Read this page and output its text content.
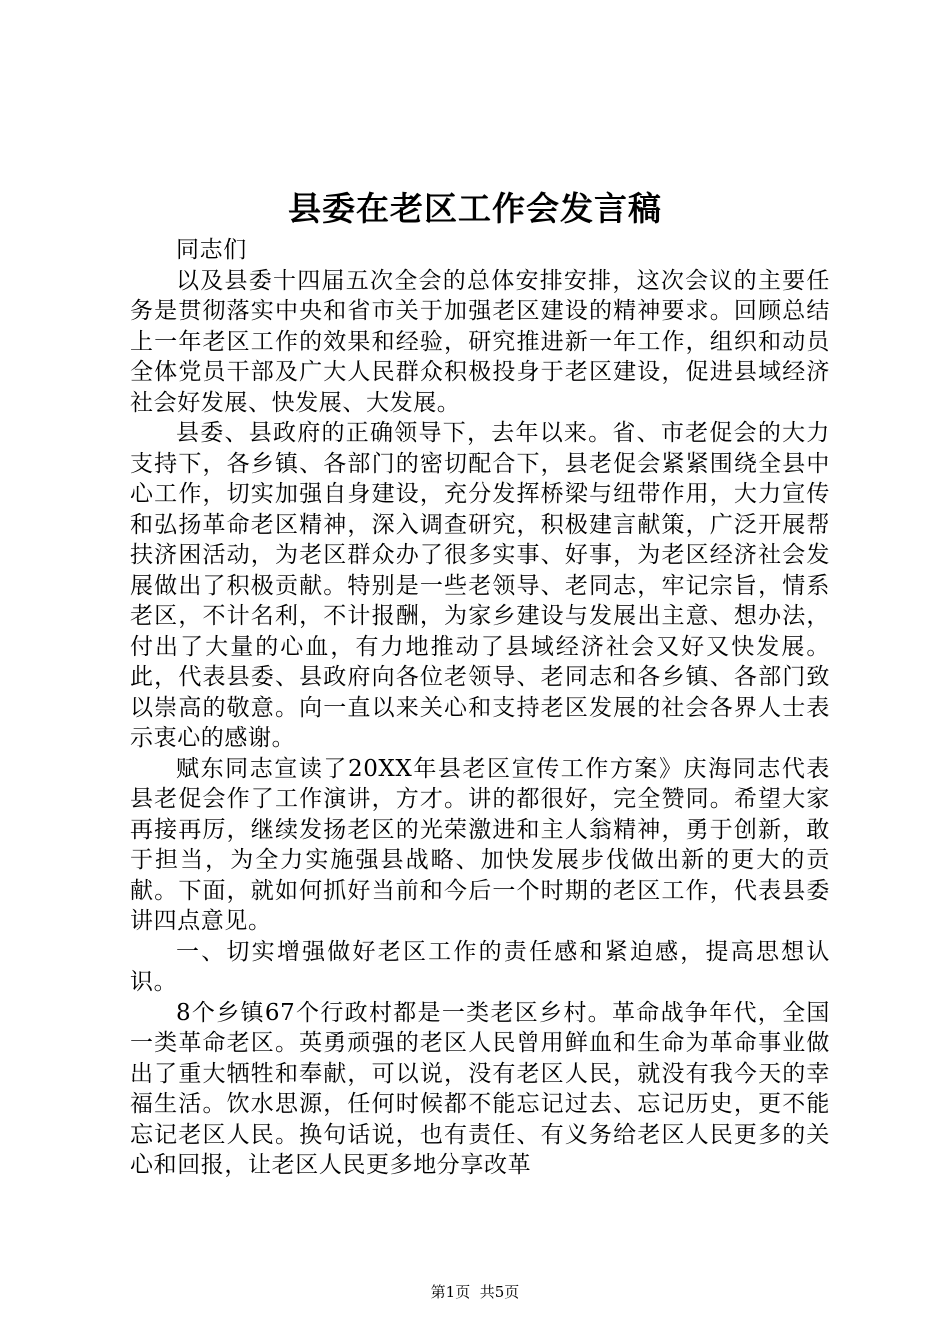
县委在老区工作会发言稿

同志们

以及县委十四届五次全会的总体安排安排，这次会议的主要任务是贯彻落实中央和省市关于加强老区建设的精神要求。回顾总结上一年老区工作的效果和经验，研究推进新一年工作，组织和动员全体党员干部及广大人民群众积极投身于老区建设，促进县域经济社会好发展、快发展、大发展。

县委、县政府的正确领导下，去年以来。省、市老促会的大力支持下，各乡镇、各部门的密切配合下，县老促会紧紧围绕全县中心工作，切实加强自身建设，充分发挥桥梁与纽带作用，大力宣传和弘扬革命老区精神，深入调查研究，积极建言献策，广泛开展帮扶济困活动，为老区群众办了很多实事、好事，为老区经济社会发展做出了积极贡献。特别是一些老领导、老同志，牢记宗旨，情系老区，不计名利，不计报酬，为家乡建设与发展出主意、想办法，付出了大量的心血，有力地推动了县域经济社会又好又快发展。此，代表县委、县政府向各位老领导、老同志和各乡镇、各部门致以崇高的敬意。向一直以来关心和支持老区发展的社会各界人士表示衷心的感谢。

赋东同志宣读了20XX年县老区宣传工作方案》庆海同志代表县老促会作了工作演讲，方才。讲的都很好，完全赞同。希望大家再接再厉，继续发扬老区的光荣激进和主人翁精神，勇于创新，敢于担当，为全力实施强县战略、加快发展步伐做出新的更大的贡献。下面，就如何抓好当前和今后一个时期的老区工作，代表县委讲四点意见。

一、切实增强做好老区工作的责任感和紧迫感，提高思想认识。

8个乡镇67个行政村都是一类老区乡村。革命战争年代，全国一类革命老区。英勇顽强的老区人民曾用鲜血和生命为革命事业做出了重大牺牲和奉献，可以说，没有老区人民，就没有我今天的幸福生活。饮水思源，任何时候都不能忘记过去、忘记历史，更不能忘记老区人民。换句话说，也有责任、有义务给老区人民更多的关心和回报，让老区人民更多地分享改革

第1页 共5页
